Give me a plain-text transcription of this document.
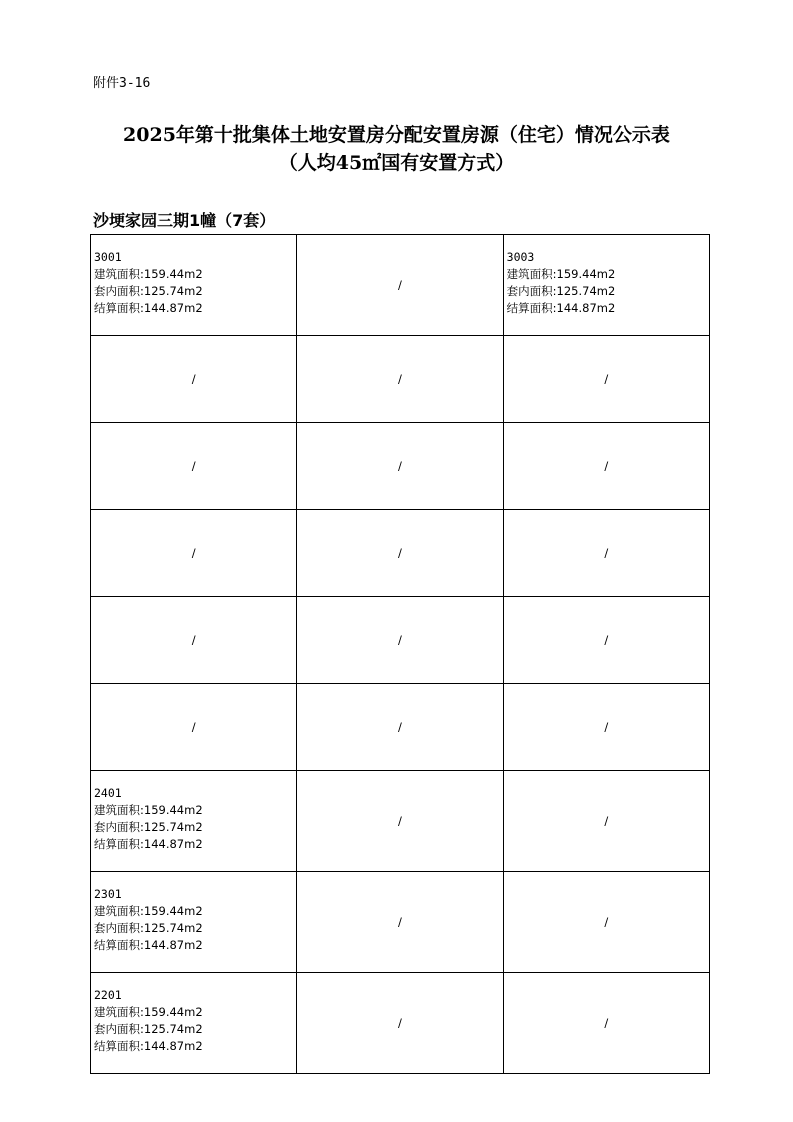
附件3-16
2025年第十批集体土地安置房分配安置房源（住宅）情况公示表
（人均45㎡国有安置方式）
沙埂家园三期1幢（7套）
3001
建筑面积:159.44m2
套内面积:125.74m2
结算面积:144.87m2	/	3003
建筑面积:159.44m2
套内面积:125.74m2
结算面积:144.87m2

/	/	/
/	/	/
/	/	/
/	/	/
/	/	/

2401
建筑面积:159.44m2
套内面积:125.74m2
结算面积:144.87m2	/	/

2301
建筑面积:159.44m2
套内面积:125.74m2
结算面积:144.87m2	/	/

2201
建筑面积:159.44m2
套内面积:125.74m2
结算面积:144.87m2	/	/
